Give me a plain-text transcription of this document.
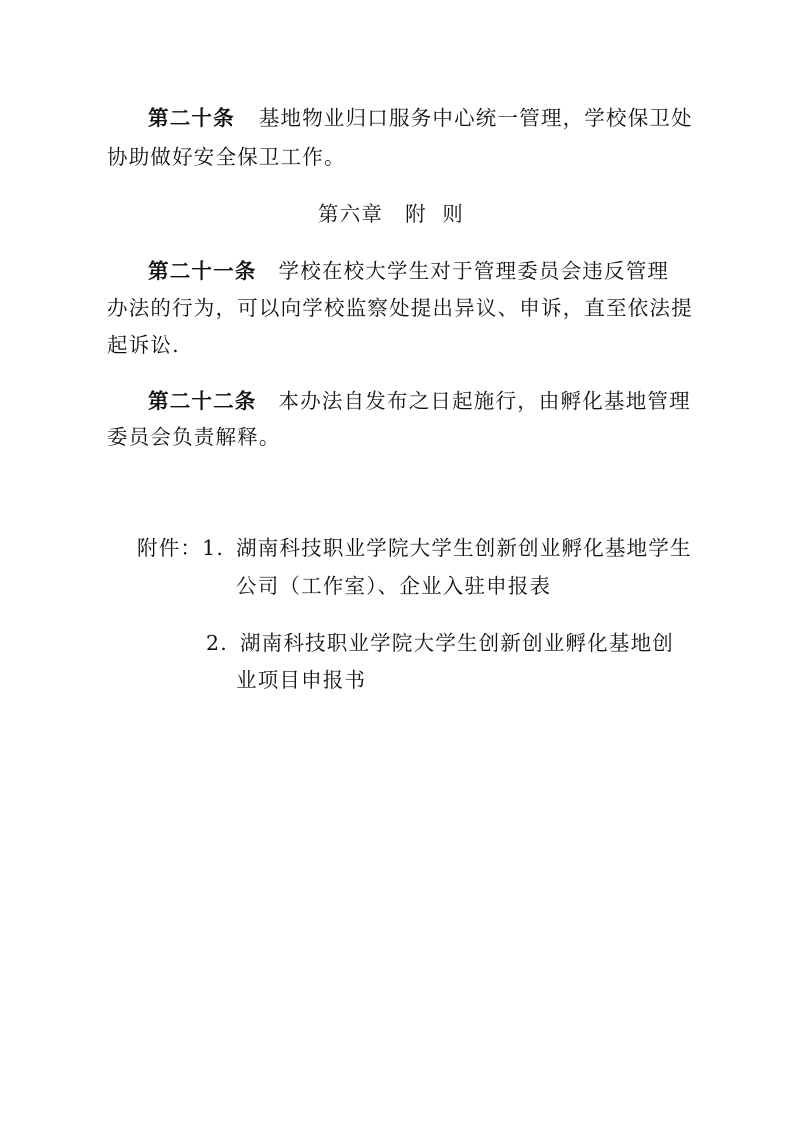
第二十条 基地物业归口服务中心统一管理，学校保卫处
协助做好安全保卫工作。
第六章 附  则
第二十一条 学校在校大学生对于管理委员会违反管理
办法的行为，可以向学校监察处提出异议、申诉，直至依法提
起诉讼.
第二十二条 本办法自发布之日起施行，由孵化基地管理
委员会负责解释。
附件：1. 湖南科技职业学院大学生创新创业孵化基地学生
公司（工作室）、企业入驻申报表
2. 湖南科技职业学院大学生创新创业孵化基地创
业项目申报书
